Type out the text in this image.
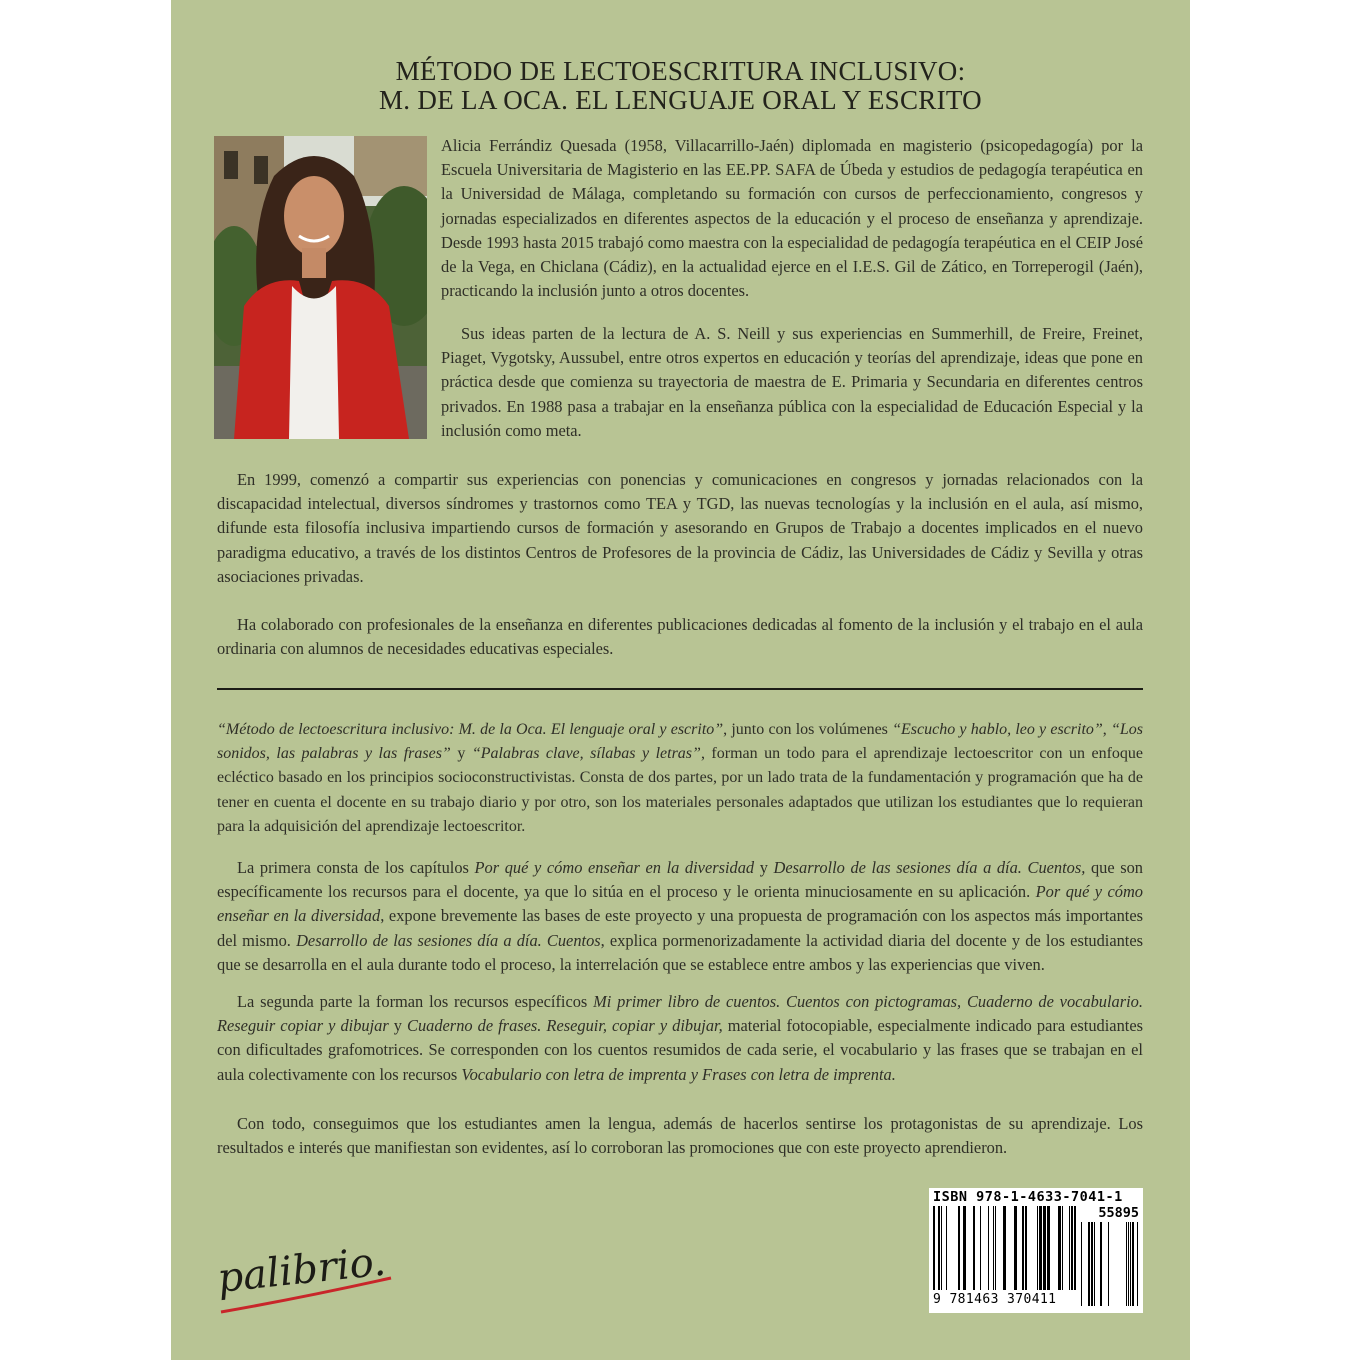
MÉTODO DE LECTOESCRITURA INCLUSIVO:
M. DE LA OCA. EL LENGUAJE ORAL Y ESCRITO

Alicia Ferrándiz Quesada (1958, Villacarrillo-Jaén) diplomada en magisterio (psicopedagogía) por la Escuela Universitaria de Magisterio en las EE.PP. SAFA de Úbeda y estudios de pedagogía terapéutica en la Universidad de Málaga, completando su formación con cursos de perfeccionamiento, congresos y jornadas especializados en diferentes aspectos de la educación y el proceso de enseñanza y aprendizaje. Desde 1993 hasta 2015 trabajó como maestra con la especialidad de pedagogía terapéutica en el CEIP José de la Vega, en Chiclana (Cádiz), en la actualidad ejerce en el I.E.S. Gil de Zático, en Torreperogil (Jaén), practicando la inclusión junto a otros docentes.

Sus ideas parten de la lectura de A. S. Neill y sus experiencias en Summerhill, de Freire, Freinet, Piaget, Vygotsky, Aussubel, entre otros expertos en educación y teorías del aprendizaje, ideas que pone en práctica desde que comienza su trayectoria de maestra de E. Primaria y Secundaria en diferentes centros privados. En 1988 pasa a trabajar en la enseñanza pública con la especialidad de Educación Especial y la inclusión como meta.

En 1999, comenzó a compartir sus experiencias con ponencias y comunicaciones en congresos y jornadas relacionados con la discapacidad intelectual, diversos síndromes y trastornos como TEA y TGD, las nuevas tecnologías y la inclusión en el aula, así mismo, difunde esta filosofía inclusiva impartiendo cursos de formación y asesorando en Grupos de Trabajo a docentes implicados en el nuevo paradigma educativo, a través de los distintos Centros de Profesores de la provincia de Cádiz, las Universidades de Cádiz y Sevilla y otras asociaciones privadas.

Ha colaborado con profesionales de la enseñanza en diferentes publicaciones dedicadas al fomento de la inclusión y el trabajo en el aula ordinaria con alumnos de necesidades educativas especiales.

“Método de lectoescritura inclusivo: M. de la Oca. El lenguaje oral y escrito”, junto con los volúmenes “Escucho y hablo, leo y escrito”, “Los sonidos, las palabras y las frases” y “Palabras clave, sílabas y letras”, forman un todo para el aprendizaje lectoescritor con un enfoque ecléctico basado en los principios socioconstructivistas. Consta de dos partes, por un lado trata de la fundamentación y programación que ha de tener en cuenta el docente en su trabajo diario y por otro, son los materiales personales adaptados que utilizan los estudiantes que lo requieran para la adquisición del aprendizaje lectoescritor.

La primera consta de los capítulos Por qué y cómo enseñar en la diversidad y Desarrollo de las sesiones día a día. Cuentos, que son específicamente los recursos para el docente, ya que lo sitúa en el proceso y le orienta minuciosamente en su aplicación. Por qué y cómo enseñar en la diversidad, expone brevemente las bases de este proyecto y una propuesta de programación con los aspectos más importantes del mismo. Desarrollo de las sesiones día a día. Cuentos, explica pormenorizadamente la actividad diaria del docente y de los estudiantes que se desarrolla en el aula durante todo el proceso, la interrelación que se establece entre ambos y las experiencias que viven.

La segunda parte la forman los recursos específicos Mi primer libro de cuentos. Cuentos con pictogramas, Cuaderno de vocabulario. Reseguir copiar y dibujar y Cuaderno de frases. Reseguir, copiar y dibujar, material fotocopiable, especialmente indicado para estudiantes con dificultades grafomotrices. Se corresponden con los cuentos resumidos de cada serie, el vocabulario y las frases que se trabajan en el aula colectivamente con los recursos Vocabulario con letra de imprenta y Frases con letra de imprenta.

Con todo, conseguimos que los estudiantes amen la lengua, además de hacerlos sentirse los protagonistas de su aprendizaje. Los resultados e interés que manifiestan son evidentes, así lo corroboran las promociones que con este proyecto aprendieron.

ISBN 978-1-4633-7041-1
55895
9 781463 370411
palibrio.
